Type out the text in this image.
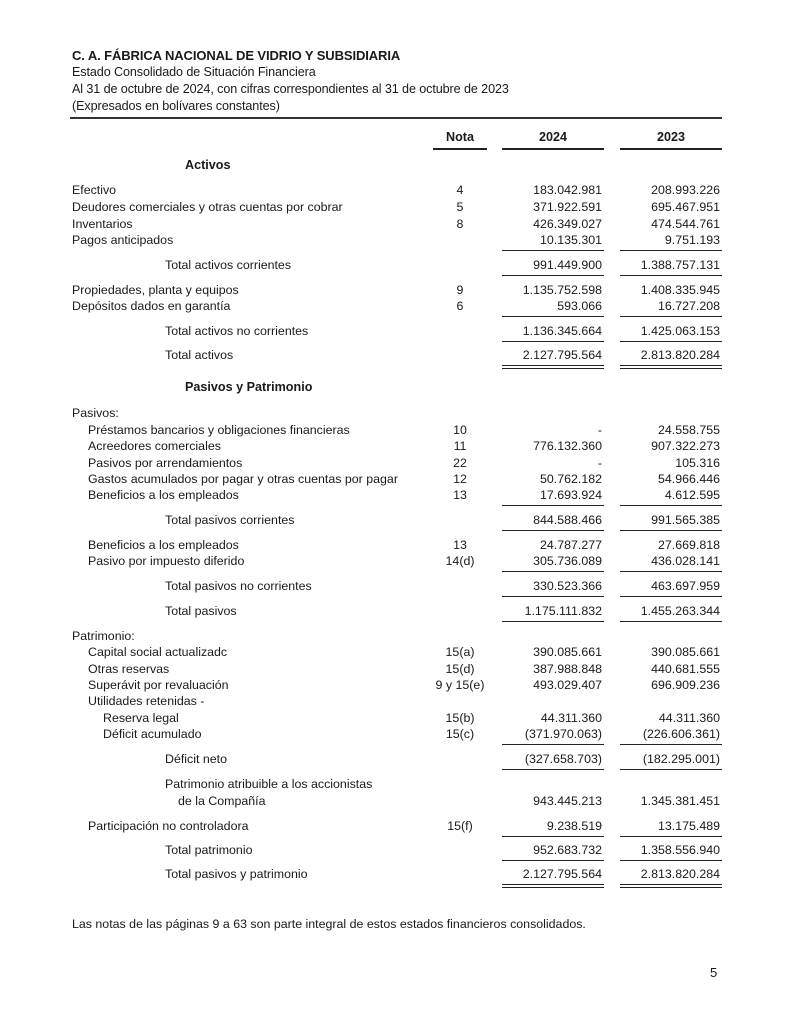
C. A. FÁBRICA NACIONAL DE VIDRIO Y SUBSIDIARIA
Estado Consolidado de Situación Financiera
Al 31 de octubre de 2024, con cifras correspondientes al 31 de octubre de 2023
(Expresados en bolívares constantes)
Nota	2024	2023
Activos
Efectivo	4	183.042.981	208.993.226
Deudores comerciales y otras cuentas por cobrar	5	371.922.591	695.467.951
Inventarios	8	426.349.027	474.544.761
Pagos anticipados	10.135.301	9.751.193
Total activos corrientes	991.449.900	1.388.757.131
Propiedades, planta y equipos	9	1.135.752.598	1.408.335.945
Depósitos dados en garantía	6	593.066	16.727.208
Total activos no corrientes	1.136.345.664	1.425.063.153
Total activos	2.127.795.564	2.813.820.284
Pasivos y Patrimonio
Pasivos:
Préstamos bancarios y obligaciones financieras	10	-	24.558.755
Acreedores comerciales	11	776.132.360	907.322.273
Pasivos por arrendamientos	22	-	105.316
Gastos acumulados por pagar y otras cuentas por pagar	12	50.762.182	54.966.446
Beneficios a los empleados	13	17.693.924	4.612.595
Total pasivos corrientes	844.588.466	991.565.385
Beneficios a los empleados	13	24.787.277	27.669.818
Pasivo por impuesto diferido	14(d)	305.736.089	436.028.141
Total pasivos no corrientes	330.523.366	463.697.959
Total pasivos	1.175.111.832	1.455.263.344
Patrimonio:
Capital social actualizadc	15(a)	390.085.661	390.085.661
Otras reservas	15(d)	387.988.848	440.681.555
Superávit por revaluación	9 y 15(e)	493.029.407	696.909.236
Utilidades retenidas -
Reserva legal	15(b)	44.311.360	44.311.360
Déficit acumulado	15(c)	(371.970.063)	(226.606.361)
Déficit neto	(327.658.703)	(182.295.001)
Patrimonio atribuible a los accionistas
de la Compañía	943.445.213	1.345.381.451
Participación no controladora	15(f)	9.238.519	13.175.489
Total patrimonio	952.683.732	1.358.556.940
Total pasivos y patrimonio	2.127.795.564	2.813.820.284
Las notas de las páginas 9 a 63 son parte integral de estos estados financieros consolidados.
5
